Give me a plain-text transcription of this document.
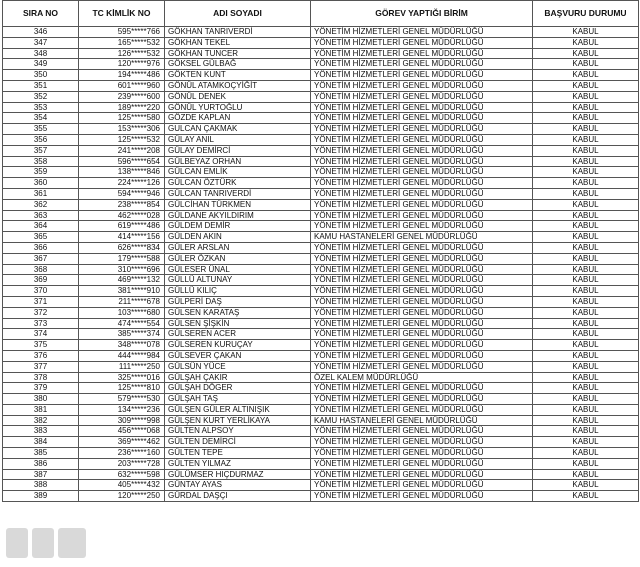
SIRA NO	TC KİMLİK NO	ADI SOYADI	GÖREV YAPTIĞI BİRİM	BAŞVURU DURUMU
346	595*****766	GÖKHAN TANRIVERDİ	YÖNETİM HİZMETLERİ GENEL MÜDÜRLÜĞÜ	KABUL
347	165*****532	GÖKHAN TEKEL	YÖNETİM HİZMETLERİ GENEL MÜDÜRLÜĞÜ	KABUL
348	126*****532	GÖKHAN TUNCER	YÖNETİM HİZMETLERİ GENEL MÜDÜRLÜĞÜ	KABUL
349	120*****976	GÖKSEL GÜLBAĞ	YÖNETİM HİZMETLERİ GENEL MÜDÜRLÜĞÜ	KABUL
350	194*****486	GÖKTEN KUNT	YÖNETİM HİZMETLERİ GENEL MÜDÜRLÜĞÜ	KABUL
351	601*****960	GÖNÜL ATAMKOÇYİĞİT	YÖNETİM HİZMETLERİ GENEL MÜDÜRLÜĞÜ	KABUL
352	239*****600	GÖNÜL DENEK	YÖNETİM HİZMETLERİ GENEL MÜDÜRLÜĞÜ	KABUL
353	189*****220	GÖNÜL YURTOĞLU	YÖNETİM HİZMETLERİ GENEL MÜDÜRLÜĞÜ	KABUL
354	125*****580	GÖZDE KAPLAN	YÖNETİM HİZMETLERİ GENEL MÜDÜRLÜĞÜ	KABUL
355	153*****306	GULCAN ÇAKMAK	YÖNETİM HİZMETLERİ GENEL MÜDÜRLÜĞÜ	KABUL
356	125*****532	GÜLAY ANIL	YÖNETİM HİZMETLERİ GENEL MÜDÜRLÜĞÜ	KABUL
357	241*****208	GÜLAY DEMİRCİ	YÖNETİM HİZMETLERİ GENEL MÜDÜRLÜĞÜ	KABUL
358	596*****654	GÜLBEYAZ ORHAN	YÖNETİM HİZMETLERİ GENEL MÜDÜRLÜĞÜ	KABUL
359	138*****846	GÜLCAN EMLİK	YÖNETİM HİZMETLERİ GENEL MÜDÜRLÜĞÜ	KABUL
360	224*****126	GÜLCAN ÖZTÜRK	YÖNETİM HİZMETLERİ GENEL MÜDÜRLÜĞÜ	KABUL
361	594*****946	GÜLCAN TANRIVERDİ	YÖNETİM HİZMETLERİ GENEL MÜDÜRLÜĞÜ	KABUL
362	238*****854	GÜLCİHAN TÜRKMEN	YÖNETİM HİZMETLERİ GENEL MÜDÜRLÜĞÜ	KABUL
363	462*****028	GÜLDANE AKYILDIRIM	YÖNETİM HİZMETLERİ GENEL MÜDÜRLÜĞÜ	KABUL
364	619*****486	GÜLDEM DEMİR	YÖNETİM HİZMETLERİ GENEL MÜDÜRLÜĞÜ	KABUL
365	414*****156	GÜLDEN AKIN	KAMU HASTANELERİ GENEL MÜDÜRLÜĞÜ	KABUL
366	626*****834	GÜLER ARSLAN	YÖNETİM HİZMETLERİ GENEL MÜDÜRLÜĞÜ	KABUL
367	179*****588	GÜLER ÖZKAN	YÖNETİM HİZMETLERİ GENEL MÜDÜRLÜĞÜ	KABUL
368	310*****696	GÜLESER ÜNAL	YÖNETİM HİZMETLERİ GENEL MÜDÜRLÜĞÜ	KABUL
369	469*****132	GÜLLÜ ALTUNAY	YÖNETİM HİZMETLERİ GENEL MÜDÜRLÜĞÜ	KABUL
370	381*****910	GÜLLÜ KILIÇ	YÖNETİM HİZMETLERİ GENEL MÜDÜRLÜĞÜ	KABUL
371	211*****678	GÜLPERİ DAŞ	YÖNETİM HİZMETLERİ GENEL MÜDÜRLÜĞÜ	KABUL
372	103*****680	GÜLSEN KARATAŞ	YÖNETİM HİZMETLERİ GENEL MÜDÜRLÜĞÜ	KABUL
373	474*****554	GÜLSEN ŞİŞKİN	YÖNETİM HİZMETLERİ GENEL MÜDÜRLÜĞÜ	KABUL
374	385*****374	GÜLSEREN ACER	YÖNETİM HİZMETLERİ GENEL MÜDÜRLÜĞÜ	KABUL
375	348*****078	GÜLSEREN KURUÇAY	YÖNETİM HİZMETLERİ GENEL MÜDÜRLÜĞÜ	KABUL
376	444*****984	GÜLSEVER ÇAKAN	YÖNETİM HİZMETLERİ GENEL MÜDÜRLÜĞÜ	KABUL
377	111*****250	GÜLSÜN YÜCE	YÖNETİM HİZMETLERİ GENEL MÜDÜRLÜĞÜ	KABUL
378	325*****016	GÜLŞAH ÇAKIR	ÖZEL KALEM MÜDÜRLÜĞÜ	KABUL
379	125*****810	GÜLŞAH DÖGER	YÖNETİM HİZMETLERİ GENEL MÜDÜRLÜĞÜ	KABUL
380	579*****530	GÜLŞAH TAŞ	YÖNETİM HİZMETLERİ GENEL MÜDÜRLÜĞÜ	KABUL
381	134*****236	GÜLŞEN GÜLER ALTINIŞIK	YÖNETİM HİZMETLERİ GENEL MÜDÜRLÜĞÜ	KABUL
382	309*****998	GÜLŞEN KURT YERLİKAYA	KAMU HASTANELERİ GENEL MÜDÜRLÜĞÜ	KABUL
383	456*****068	GÜLTEN ALPSOY	YÖNETİM HİZMETLERİ GENEL MÜDÜRLÜĞÜ	KABUL
384	369*****462	GÜLTEN DEMİRCİ	YÖNETİM HİZMETLERİ GENEL MÜDÜRLÜĞÜ	KABUL
385	236*****160	GÜLTEN TEPE	YÖNETİM HİZMETLERİ GENEL MÜDÜRLÜĞÜ	KABUL
386	203*****728	GÜLTEN YILMAZ	YÖNETİM HİZMETLERİ GENEL MÜDÜRLÜĞÜ	KABUL
387	632*****598	GÜLÜMSER HIÇDURMAZ	YÖNETİM HİZMETLERİ GENEL MÜDÜRLÜĞÜ	KABUL
388	405*****432	GÜNTAY AYAS	YÖNETİM HİZMETLERİ GENEL MÜDÜRLÜĞÜ	KABUL
389	120*****250	GÜRDAL DAŞÇI	YÖNETİM HİZMETLERİ GENEL MÜDÜRLÜĞÜ	KABUL
